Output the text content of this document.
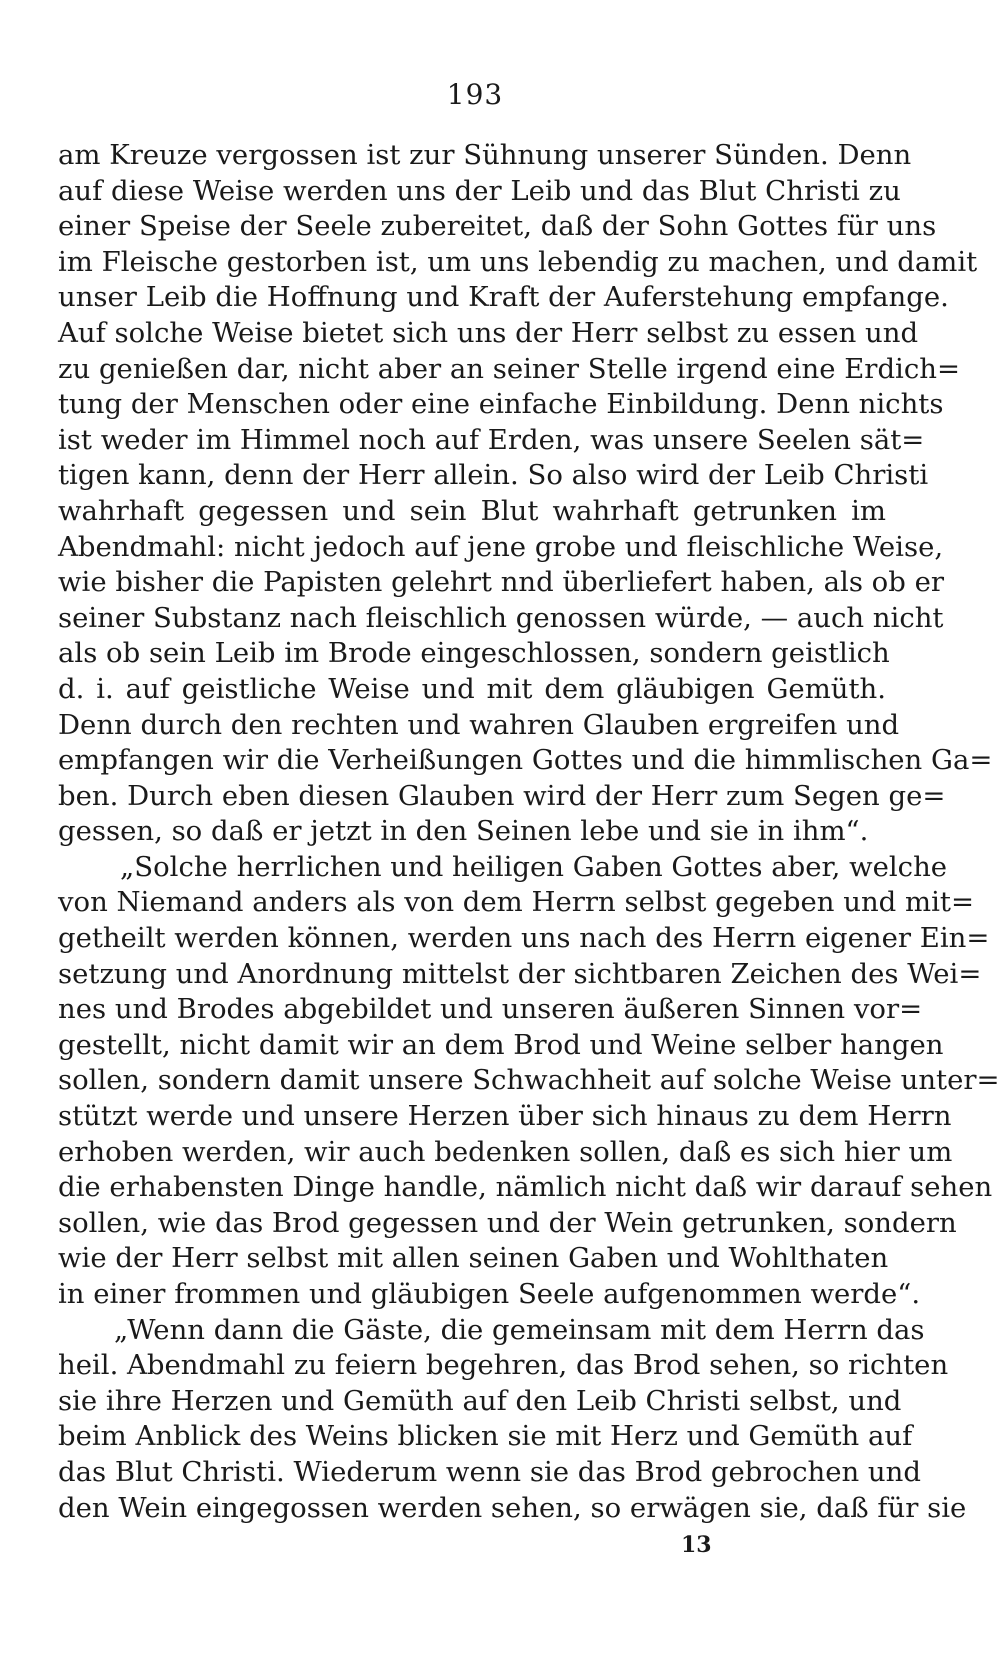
193
am Kreuze vergossen ist zur Sühnung unserer Sünden. Denn
auf diese Weise werden uns der Leib und das Blut Christi zu
einer Speise der Seele zubereitet, daß der Sohn Gottes für uns
im Fleische gestorben ist, um uns lebendig zu machen, und damit
unser Leib die Hoffnung und Kraft der Auferstehung empfange.
Auf solche Weise bietet sich uns der Herr selbst zu essen und
zu genießen dar, nicht aber an seiner Stelle irgend eine Erdich=
tung der Menschen oder eine einfache Einbildung. Denn nichts
ist weder im Himmel noch auf Erden, was unsere Seelen sät=
tigen kann, denn der Herr allein. So also wird der Leib Christi
wahrhaft gegessen und sein Blut wahrhaft getrunken im
Abendmahl: nicht jedoch auf jene grobe und fleischliche Weise,
wie bisher die Papisten gelehrt nnd überliefert haben, als ob er
seiner Substanz nach fleischlich genossen würde, — auch nicht
als ob sein Leib im Brode eingeschlossen, sondern geistlich
d. i. auf geistliche Weise und mit dem gläubigen Gemüth.
Denn durch den rechten und wahren Glauben ergreifen und
empfangen wir die Verheißungen Gottes und die himmlischen Ga=
ben. Durch eben diesen Glauben wird der Herr zum Segen ge=
gessen, so daß er jetzt in den Seinen lebe und sie in ihm“.
„Solche herrlichen und heiligen Gaben Gottes aber, welche
von Niemand anders als von dem Herrn selbst gegeben und mit=
getheilt werden können, werden uns nach des Herrn eigener Ein=
setzung und Anordnung mittelst der sichtbaren Zeichen des Wei=
nes und Brodes abgebildet und unseren äußeren Sinnen vor=
gestellt, nicht damit wir an dem Brod und Weine selber hangen
sollen, sondern damit unsere Schwachheit auf solche Weise unter=
stützt werde und unsere Herzen über sich hinaus zu dem Herrn
erhoben werden, wir auch bedenken sollen, daß es sich hier um
die erhabensten Dinge handle, nämlich nicht daß wir darauf sehen
sollen, wie das Brod gegessen und der Wein getrunken, sondern
wie der Herr selbst mit allen seinen Gaben und Wohlthaten
in einer frommen und gläubigen Seele aufgenommen werde“.
„Wenn dann die Gäste, die gemeinsam mit dem Herrn das
heil. Abendmahl zu feiern begehren, das Brod sehen, so richten
sie ihre Herzen und Gemüth auf den Leib Christi selbst, und
beim Anblick des Weins blicken sie mit Herz und Gemüth auf
das Blut Christi. Wiederum wenn sie das Brod gebrochen und
den Wein eingegossen werden sehen, so erwägen sie, daß für sie
13
